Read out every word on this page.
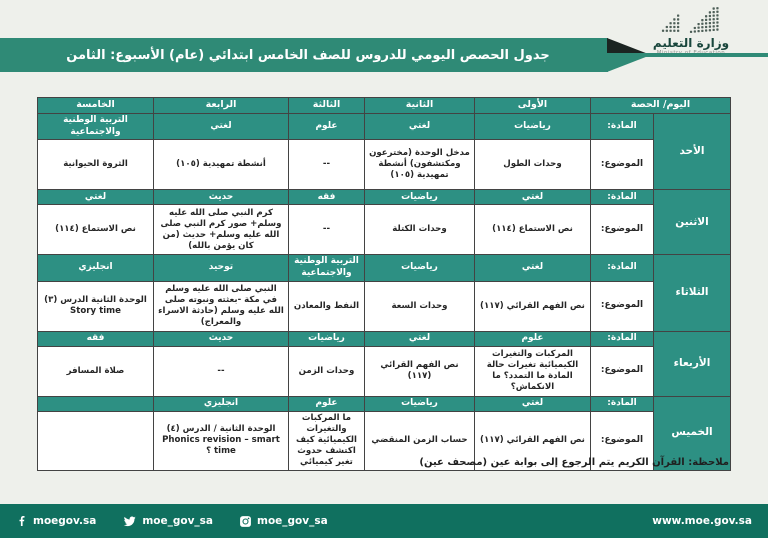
وزارة التعليم
جدول الحصص اليومي للدروس للصف الخامس ابتدائي (عام) الأسبوع: الثامن
اليوم/ الحصة		الأولى	الثانية	الثالثة	الرابعة	الخامسة
الأحد	المادة:	رياضيات	لغتي	علوم	لغتي	التربية الوطنية والاجتماعية
	الموضوع:	وحدات الطول	مدخل الوحدة (مخترعون ومكتشفون) أنشطة تمهيدية (١٠٥)	--	أنشطة تمهيدية (١٠٥)	الثروة الحيوانية
الاثنين	المادة:	لغتي	رياضيات	فقه	حديث	لغتي
	الموضوع:	نص الاستماع (١١٤)	وحدات الكتلة	--	كرم النبي صلى الله عليه وسلم+ صور كرم النبي صلى الله عليه وسلم+ حديث (من كان يؤمن بالله)	نص الاستماع (١١٤)
الثلاثاء	المادة:	لغتي	رياضيات	التربية الوطنية والاجتماعية	توحيد	انجليزي
	الموضوع:	نص الفهم القرائي (١١٧)	وحدات السعة	النفط والمعادن	النبي صلى الله عليه وسلم في مكة -بعثته ونبوته صلى الله عليه وسلم (حادثة الاسراء والمعراج)	الوحدة الثانية الدرس (٣) Story time
الأربعاء	المادة:	علوم	لغتي	رياضيات	حديث	فقه
	الموضوع:	المركبات والتغيرات الكيميائية تغيرات حالة المادة ما التمدد؟ ما الانكماش؟	نص الفهم القرائي (١١٧)	وحدات الزمن	--	صلاة المسافر
الخميس	المادة:	لغتي	رياضيات	علوم	انجليزي	
	الموضوع:	نص الفهم القرائي (١١٧)	حساب الزمن المنقضي	ما المركبات والتغيرات الكيميائية كيف اكتشف حدوث تغير كيميائي	الوحدة الثانية / الدرس (٤) Phonics revision – smart time ؟	
ملاحظة: القرآن الكريم يتم الرجوع إلى بوابة عين (مصحف عين)
moegov.sa	moe_gov_sa	moe_gov_sa	www.moe.gov.sa
